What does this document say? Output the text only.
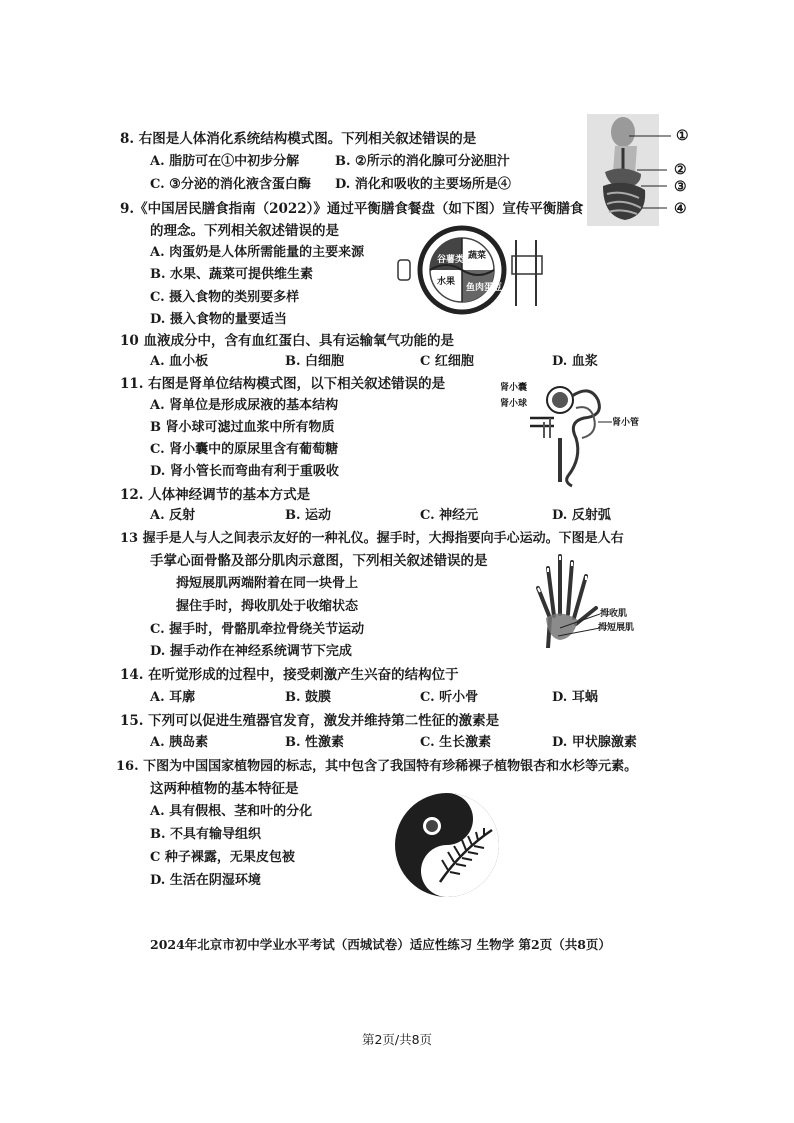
8. 右图是人体消化系统结构模式图。下列相关叙述错误的是
A. 脂肪可在①中初步分解	B. ②所示的消化腺可分泌胆汁
C. ③分泌的消化液含蛋白酶 D. 消化和吸收的主要场所是④
①
②
③
④
9.《中国居民膳食指南（2022）》通过平衡膳食餐盘（如下图）宣传平衡膳食
的理念。下列相关叙述错误的是
A. 肉蛋奶是人体所需能量的主要来源
B. 水果、蔬菜可提供维生素
C. 摄入食物的类别要多样
D. 摄入食物的量要适当
谷薯类 蔬菜
水果
鱼肉蛋豆
10 血液成分中，含有血红蛋白、具有运输氧气功能的是
A. 血小板	B. 白细胞	C 红细胞	D. 血浆
11. 右图是肾单位结构模式图，以下相关叙述错误的是
A. 肾单位是形成尿液的基本结构
B 肾小球可滤过血浆中所有物质
C. 肾小囊中的原尿里含有葡萄糖
D. 肾小管长而弯曲有利于重吸收
肾小囊
肾小球
肾小管
12. 人体神经调节的基本方式是
A. 反射	B. 运动	C. 神经元	D. 反射弧
13 握手是人与人之间表示友好的一种礼仪。握手时，大拇指要向手心运动。下图是人右
手掌心面骨骼及部分肌肉示意图，下列相关叙述错误的是
拇短展肌两端附着在同一块骨上
握住手时，拇收肌处于收缩状态
C. 握手时，骨骼肌牵拉骨绕关节运动
D. 握手动作在神经系统调节下完成
拇收肌
拇短展肌
14. 在听觉形成的过程中，接受刺激产生兴奋的结构位于
A. 耳廓	B. 鼓膜	C. 听小骨	D. 耳蜗
15. 下列可以促进生殖器官发育，激发并维持第二性征的激素是
A. 胰岛素	B. 性激素	C. 生长激素	D. 甲状腺激素
16. 下图为中国国家植物园的标志，其中包含了我国特有珍稀裸子植物银杏和水杉等元素。
这两种植物的基本特征是
A. 具有假根、茎和叶的分化
B. 不具有输导组织
C 种子裸露，无果皮包被
D. 生活在阴湿环境
2024年北京市初中学业水平考试（西城试卷）适应性练习 生物学 第2页（共8页）
第2页/共8页
